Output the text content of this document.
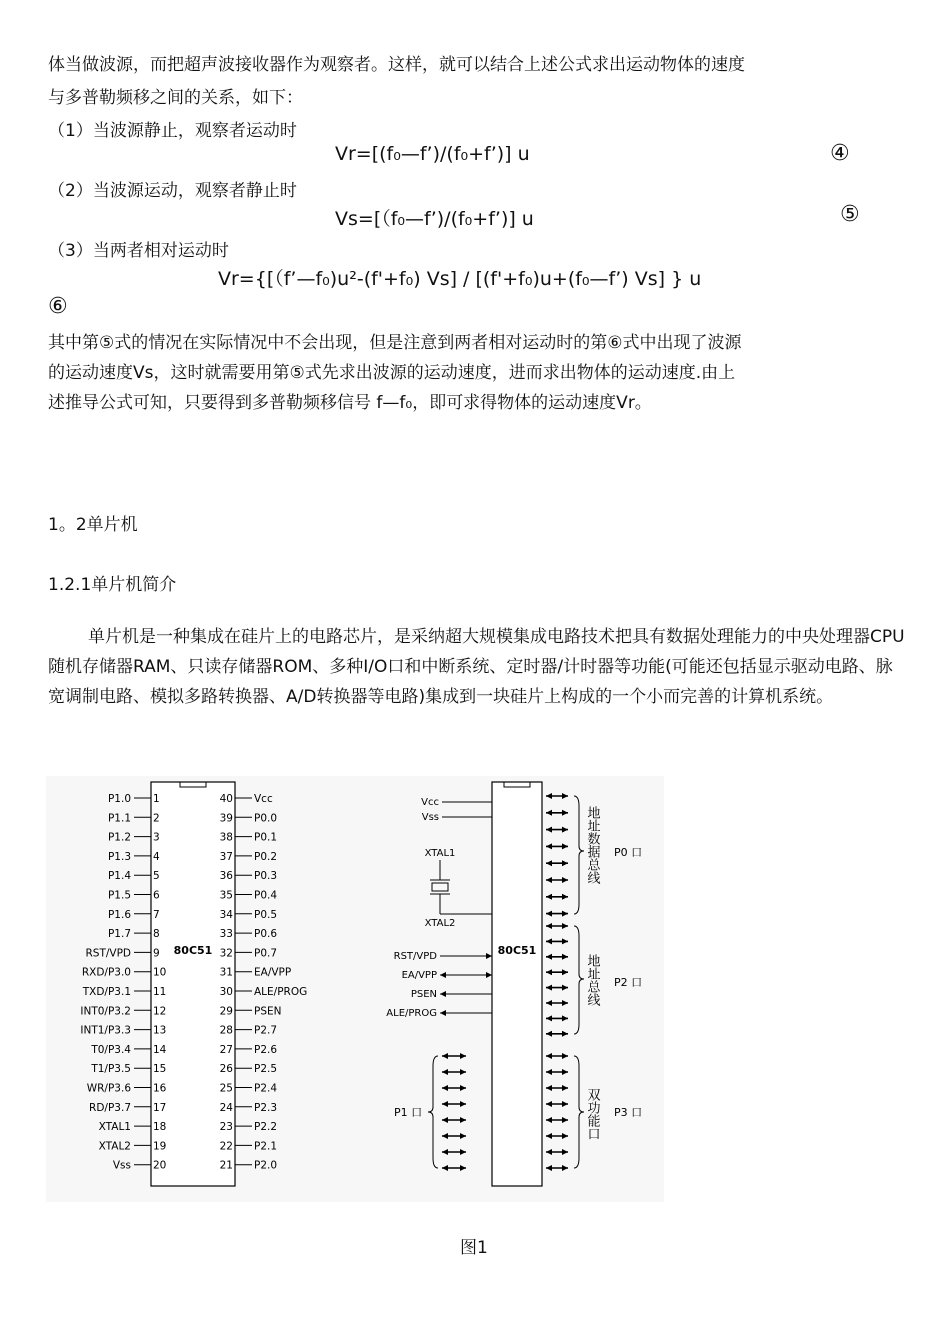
体当做波源，而把超声波接收器作为观察者。这样，就可以结合上述公式求出运动物体的速度
与多普勒频移之间的关系，如下：
（1）当波源静止，观察者运动时
Vr=[(f₀—f’)/(f₀+f’)] u	④
（2）当波源运动，观察者静止时
Vs=[（f₀—f’)/(f₀+f’)] u	⑤
（3）当两者相对运动时
Vr={[（f’—f₀)u²-(f'+f₀) Vs] / [(f'+f₀)u+(f₀—f’) Vs] } u
⑥
其中第⑤式的情况在实际情况中不会出现，但是注意到两者相对运动时的第⑥式中出现了波源
的运动速度Vs，这时就需要用第⑤式先求出波源的运动速度，进而求出物体的运动速度.由上
述推导公式可知，只要得到多普勒频移信号 f—f₀，即可求得物体的运动速度Vr。
1。2单片机
1.2.1单片机简介
单片机是一种集成在硅片上的电路芯片，是采纳超大规模集成电路技术把具有数据处理能力的中央处理器CPU随机存储器RAM、只读存储器ROM、多种I/O口和中断系统、定时器/计时器等功能(可能还包括显示驱动电路、脉宽调制电路、模拟多路转换器、A/D转换器等电路)集成到一块硅片上构成的一个小而完善的计算机系统。
80C51
P1.0 1
P1.1 2
P1.2 3
P1.3 4
P1.4 5
P1.5 6
P1.6 7
P1.7 8
RST/VPD 9
RXD/P3.0 10
TXD/P3.1 11
INT0/P3.2 12
INT1/P3.3 13
T0/P3.4 14
T1/P3.5 15
WR/P3.6 16
RD/P3.7 17
XTAL1 18
XTAL2 19
Vss 20
40 Vcc
39 P0.0
38 P0.1
37 P0.2
36 P0.3
35 P0.4
34 P0.5
33 P0.6
32 P0.7
31 EA/VPP
30 ALE/PROG
29 PSEN
28 P2.7
27 P2.6
26 P2.5
25 P2.4
24 P2.3
23 P2.2
22 P2.1
21 P2.0
80C51
Vcc
Vss
XTAL1
XTAL2
RST/VPD
EA/VPP
PSEN
ALE/PROG
地址数据总线 P0 口
地址总线 P2 口
双功能口 P3 口
P1 口
图1
